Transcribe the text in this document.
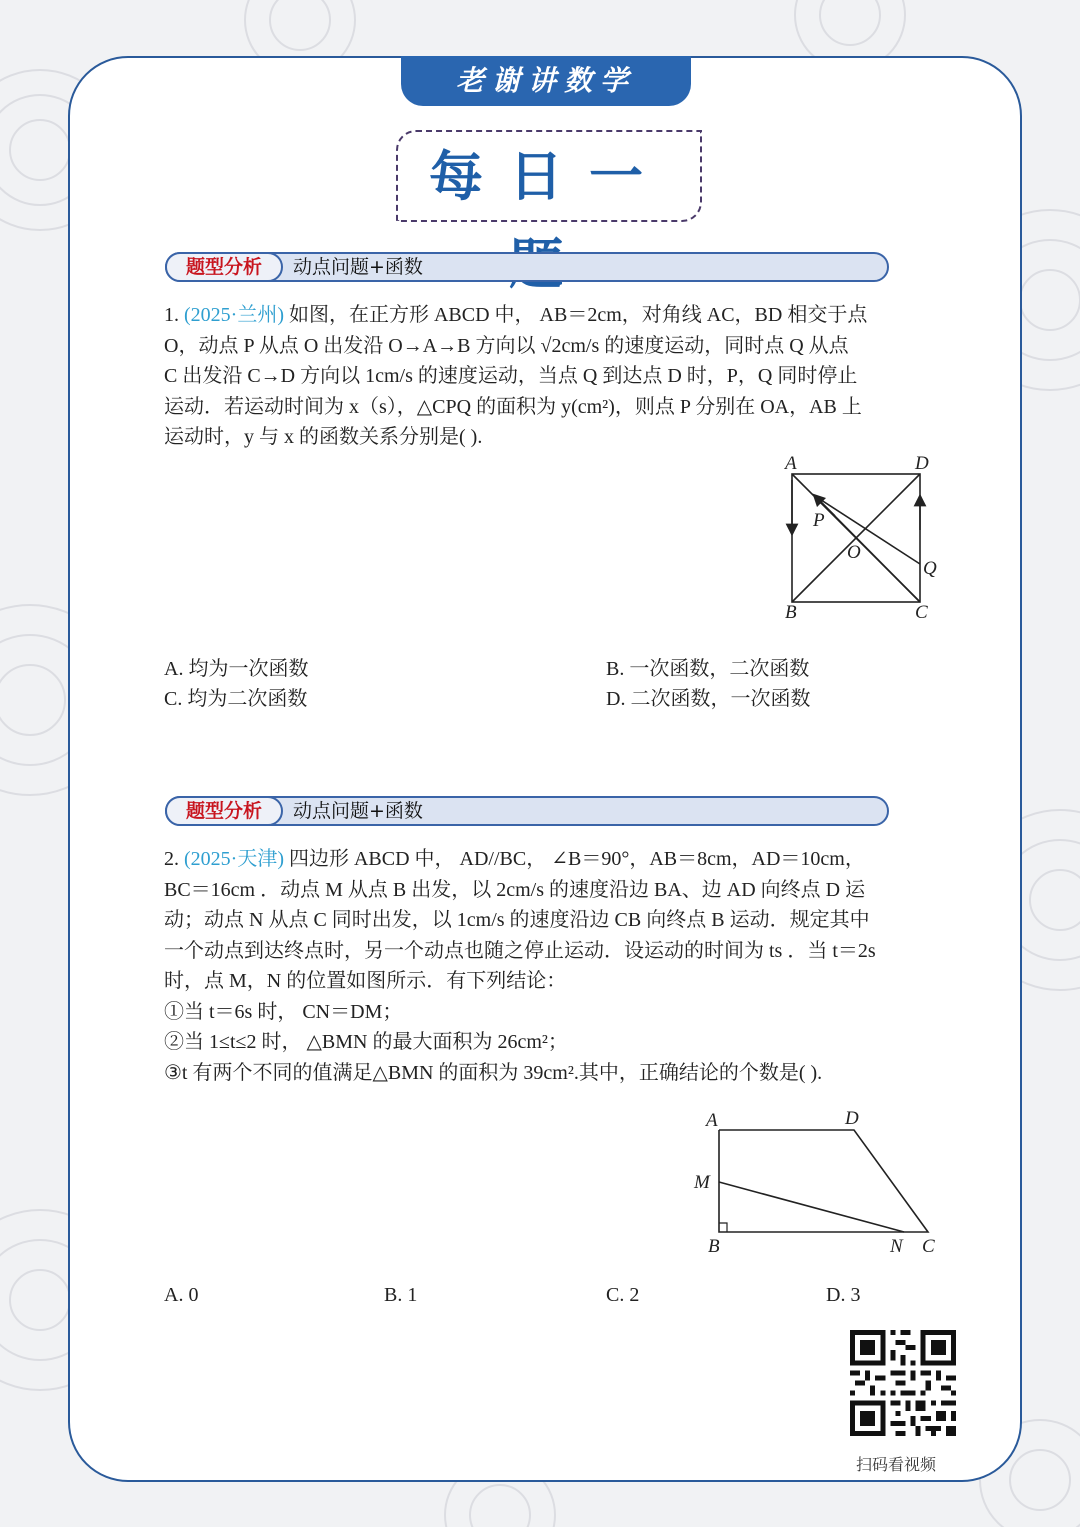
老谢讲数学
每日一
题型分析	动点问题+函数

1. (2025·兰州) 如图，在正方形 ABCD 中， AB＝2cm，对角线 AC，BD 相交于点

O，动点 P 从点 O 出发沿 O→A→B 方向以 √2cm/s 的速度运动，同时点 Q 从点

C 出发沿 C→D 方向以 1cm/s 的速度运动，当点 Q 到达点 D 时，P，Q 同时停止

运动．若运动时间为 x（s），△CPQ 的面积为 y(cm²)，则点 P 分别在 OA，AB 上

运动时，y 与 x 的函数关系分别是( ).

A	D
B	C
O
P
Q
A. 均为一次函数	B. 一次函数，二次函数
C. 均为二次函数	D. 二次函数，一次函数
题型分析	动点问题+函数

2. (2025·天津) 四边形 ABCD 中， AD//BC， ∠B＝90°，AB＝8cm，AD＝10cm，

BC＝16cm ．动点 M 从点 B 出发，以 2cm/s 的速度沿边 BA、边 AD 向终点 D 运

动；动点 N 从点 C 同时出发，以 1cm/s 的速度沿边 CB 向终点 B 运动．规定其中

一个动点到达终点时，另一个动点也随之停止运动．设运动的时间为 ts ．当 t＝2s

时，点 M，N 的位置如图所示．有下列结论：

①当 t＝6s 时， CN＝DM；

②当 1≤t≤2 时， △BMN 的最大面积为 26cm²；

③t 有两个不同的值满足△BMN 的面积为 39cm².其中，正确结论的个数是( ).

A	D
M
B	N C
A. 0	B. 1	C. 2	D. 3
扫码看视频
